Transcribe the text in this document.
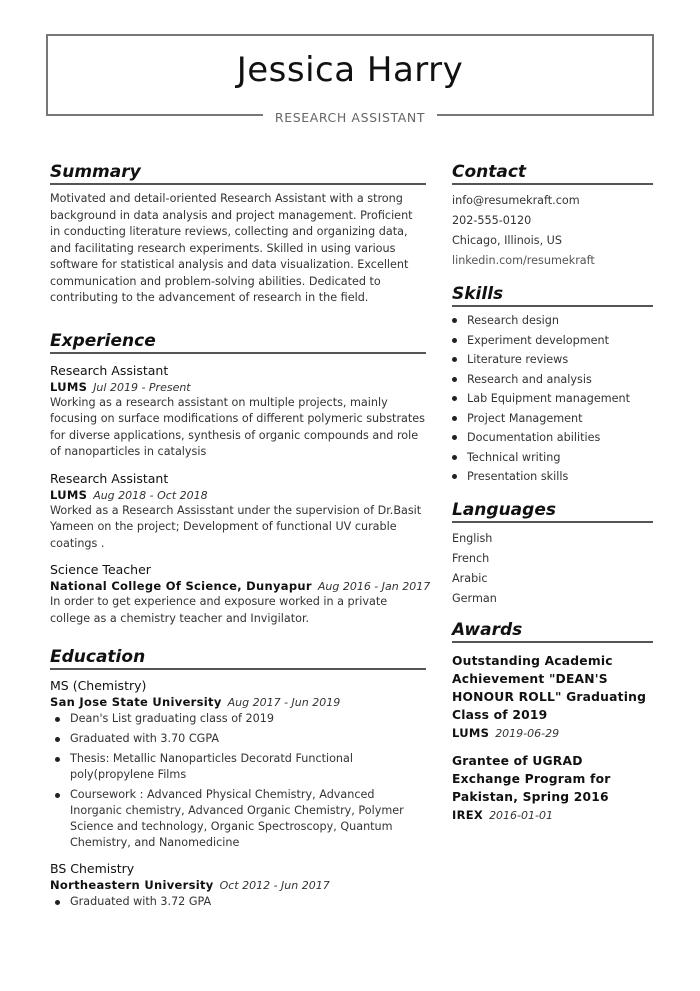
Jessica Harry
RESEARCH ASSISTANT
Summary

Motivated and detail-oriented Research Assistant with a strong background in data analysis and project management. Proficient in conducting literature reviews, collecting and organizing data, and facilitating research experiments. Skilled in using various software for statistical analysis and data visualization. Excellent communication and problem-solving abilities. Dedicated to contributing to the advancement of research in the field.

Experience

Research Assistant

LUMS Jul 2019 - Present

Working as a research assistant on multiple projects, mainly focusing on surface modifications of different polymeric substrates for diverse applications, synthesis of organic compounds and role of nanoparticles in catalysis

Research Assistant

LUMS Aug 2018 - Oct 2018

Worked as a Research Assisstant under the supervision of Dr.Basit Yameen on the project; Development of functional UV curable coatings .

Science Teacher

National College Of Science, Dunyapur Aug 2016 - Jan 2017

In order to get experience and exposure worked in a private college as a chemistry teacher and Invigilator.

Education

MS (Chemistry)

San Jose State University Aug 2017 - Jun 2019

Dean's List graduating class of 2019
Graduated with 3.70 CGPA
Thesis: Metallic Nanoparticles Decoratd Functional poly(propylene Films
Coursework : Advanced Physical Chemistry, Advanced Inorganic chemistry, Advanced Organic Chemistry, Polymer Science and technology, Organic Spectroscopy, Quantum Chemistry, and Nanomedicine

BS Chemistry

Northeastern University Oct 2012 - Jun 2017

Graduated with 3.72 GPA
Contact

info@resumekraft.com

202-555-0120

Chicago, Illinois, US

linkedin.com/resumekraft

Skills
Research design
Experiment development
Literature reviews
Research and analysis
Lab Equipment management
Project Management
Documentation abilities
Technical writing
Presentation skills
Languages

English

French

Arabic

German

Awards

Outstanding Academic Achievement "DEAN'S HONOUR ROLL" Graduating Class of 2019

LUMS 2019-06-29

Grantee of UGRAD Exchange Program for Pakistan, Spring 2016

IREX 2016-01-01
